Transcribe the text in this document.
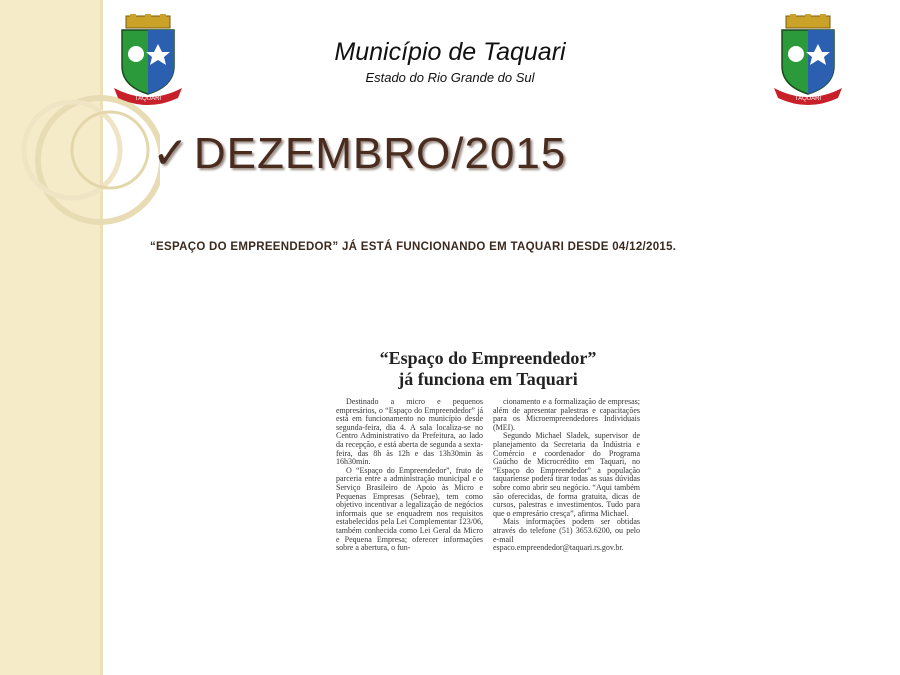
TAQUARI	TAQUARI
Município de Taquari
Estado do Rio Grande do Sul
✓DEZEMBRO/2015
“ESPAÇO DO EMPREENDEDOR” JÁ ESTÁ FUNCIONANDO EM TAQUARI DESDE 04/12/2015.
“Espaço do Empreendedor”
já funciona em Taquari

Destinado a micro e pequenos empresários, o “Espaço do Empreendedor” já está em funcionamento no município desde segunda-feira, dia 4. A sala localiza-se no Centro Administrativo da Prefeitura, ao lado da recepção, e está aberta de segunda a sexta-feira, das 8h às 12h e das 13h30min às 16h30min.

O “Espaço do Empreendedor”, fruto de parceria entre a administração municipal e o Serviço Brasileiro de Apoio às Micro e Pequenas Empresas (Sebrae), tem como objetivo incentivar a legalização de negócios informais que se enquadrem nos requisitos estabelecidos pela Lei Complementar 123/06, também conhecida como Lei Geral da Micro e Pequena Empresa; oferecer informações sobre a abertura, o fun-

cionamento e a formalização de empresas; além de apresentar palestras e capacitações para os Microempreendedores Individuais (MEI).

Segundo Michael Sladek, supervisor de planejamento da Secretaria da Indústria e Comércio e coordenador do Programa Gaúcho de Microcrédito em Taquari, no “Espaço do Empreendedor” a população taquariense poderá tirar todas as suas dúvidas sobre como abrir seu negócio. “Aqui também são oferecidas, de forma gratuita, dicas de cursos, palestras e investimentos. Tudo para que o empresário cresça”, afirma Michael.

Mais informações podem ser obtidas através do telefone (51) 3653.6200, ou pelo e-mail espaco.empreendedor@taquari.rs.gov.br.
